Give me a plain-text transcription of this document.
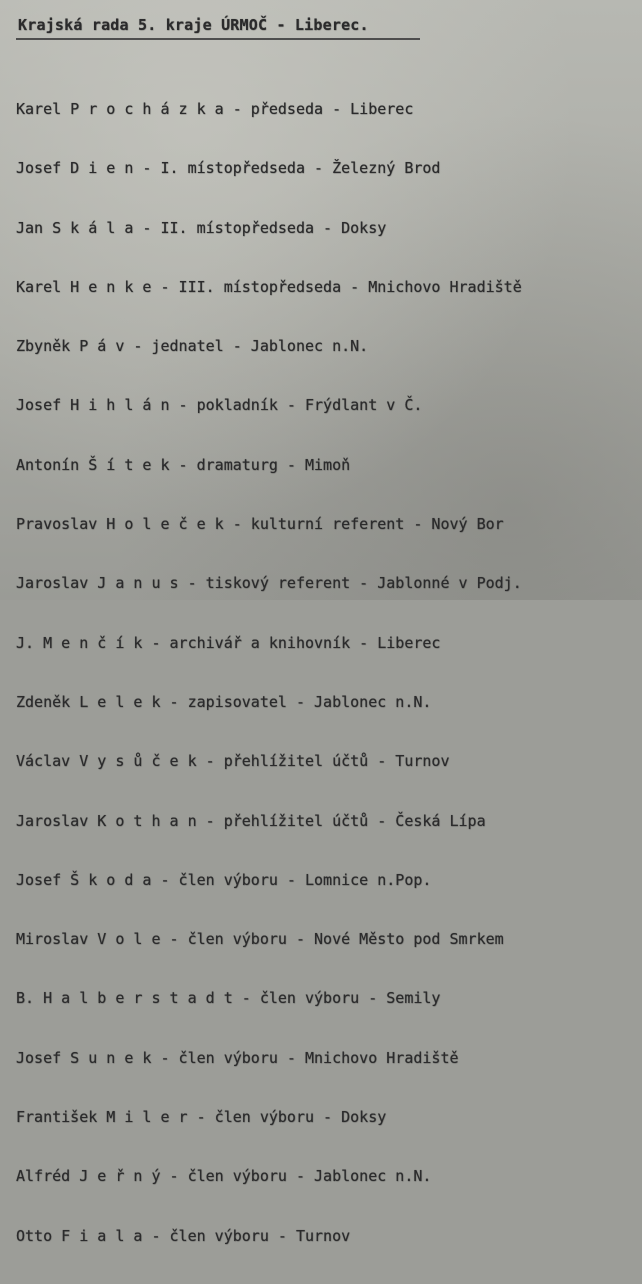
Krajská rada 5. kraje ÚRMOČ - Liberec.

Karel P r o c h á z k a - předseda - Liberec

Josef D i e n - I. místopředseda - Železný Brod

Jan S k á l a - II. místopředseda - Doksy

Karel H e n k e - III. místopředseda - Mnichovo Hradiště

Zbyněk P á v - jednatel - Jablonec n.N.

Josef H i h l á n - pokladník - Frýdlant v Č.

Antonín Š í t e k - dramaturg - Mimoň

Pravoslav H o l e č e k - kulturní referent - Nový Bor

Jaroslav J a n u s - tiskový referent - Jablonné v Podj.

J. M e n č í k - archivář a knihovník - Liberec

Zdeněk L e l e k - zapisovatel - Jablonec n.N.

Václav V y s ů č e k - přehlížitel účtů - Turnov

Jaroslav K o t h a n - přehlížitel účtů - Česká Lípa

Josef Š k o d a - člen výboru - Lomnice n.Pop.

Miroslav V o l e - člen výboru - Nové Město pod Smrkem

B. H a l b e r s t a d t - člen výboru - Semily

Josef S u n e k - člen výboru - Mnichovo Hradiště

František M i l e r - člen výboru - Doksy

Alfréd J e ř n ý - člen výboru - Jablonec n.N.

Otto F i a l a - člen výboru - Turnov
